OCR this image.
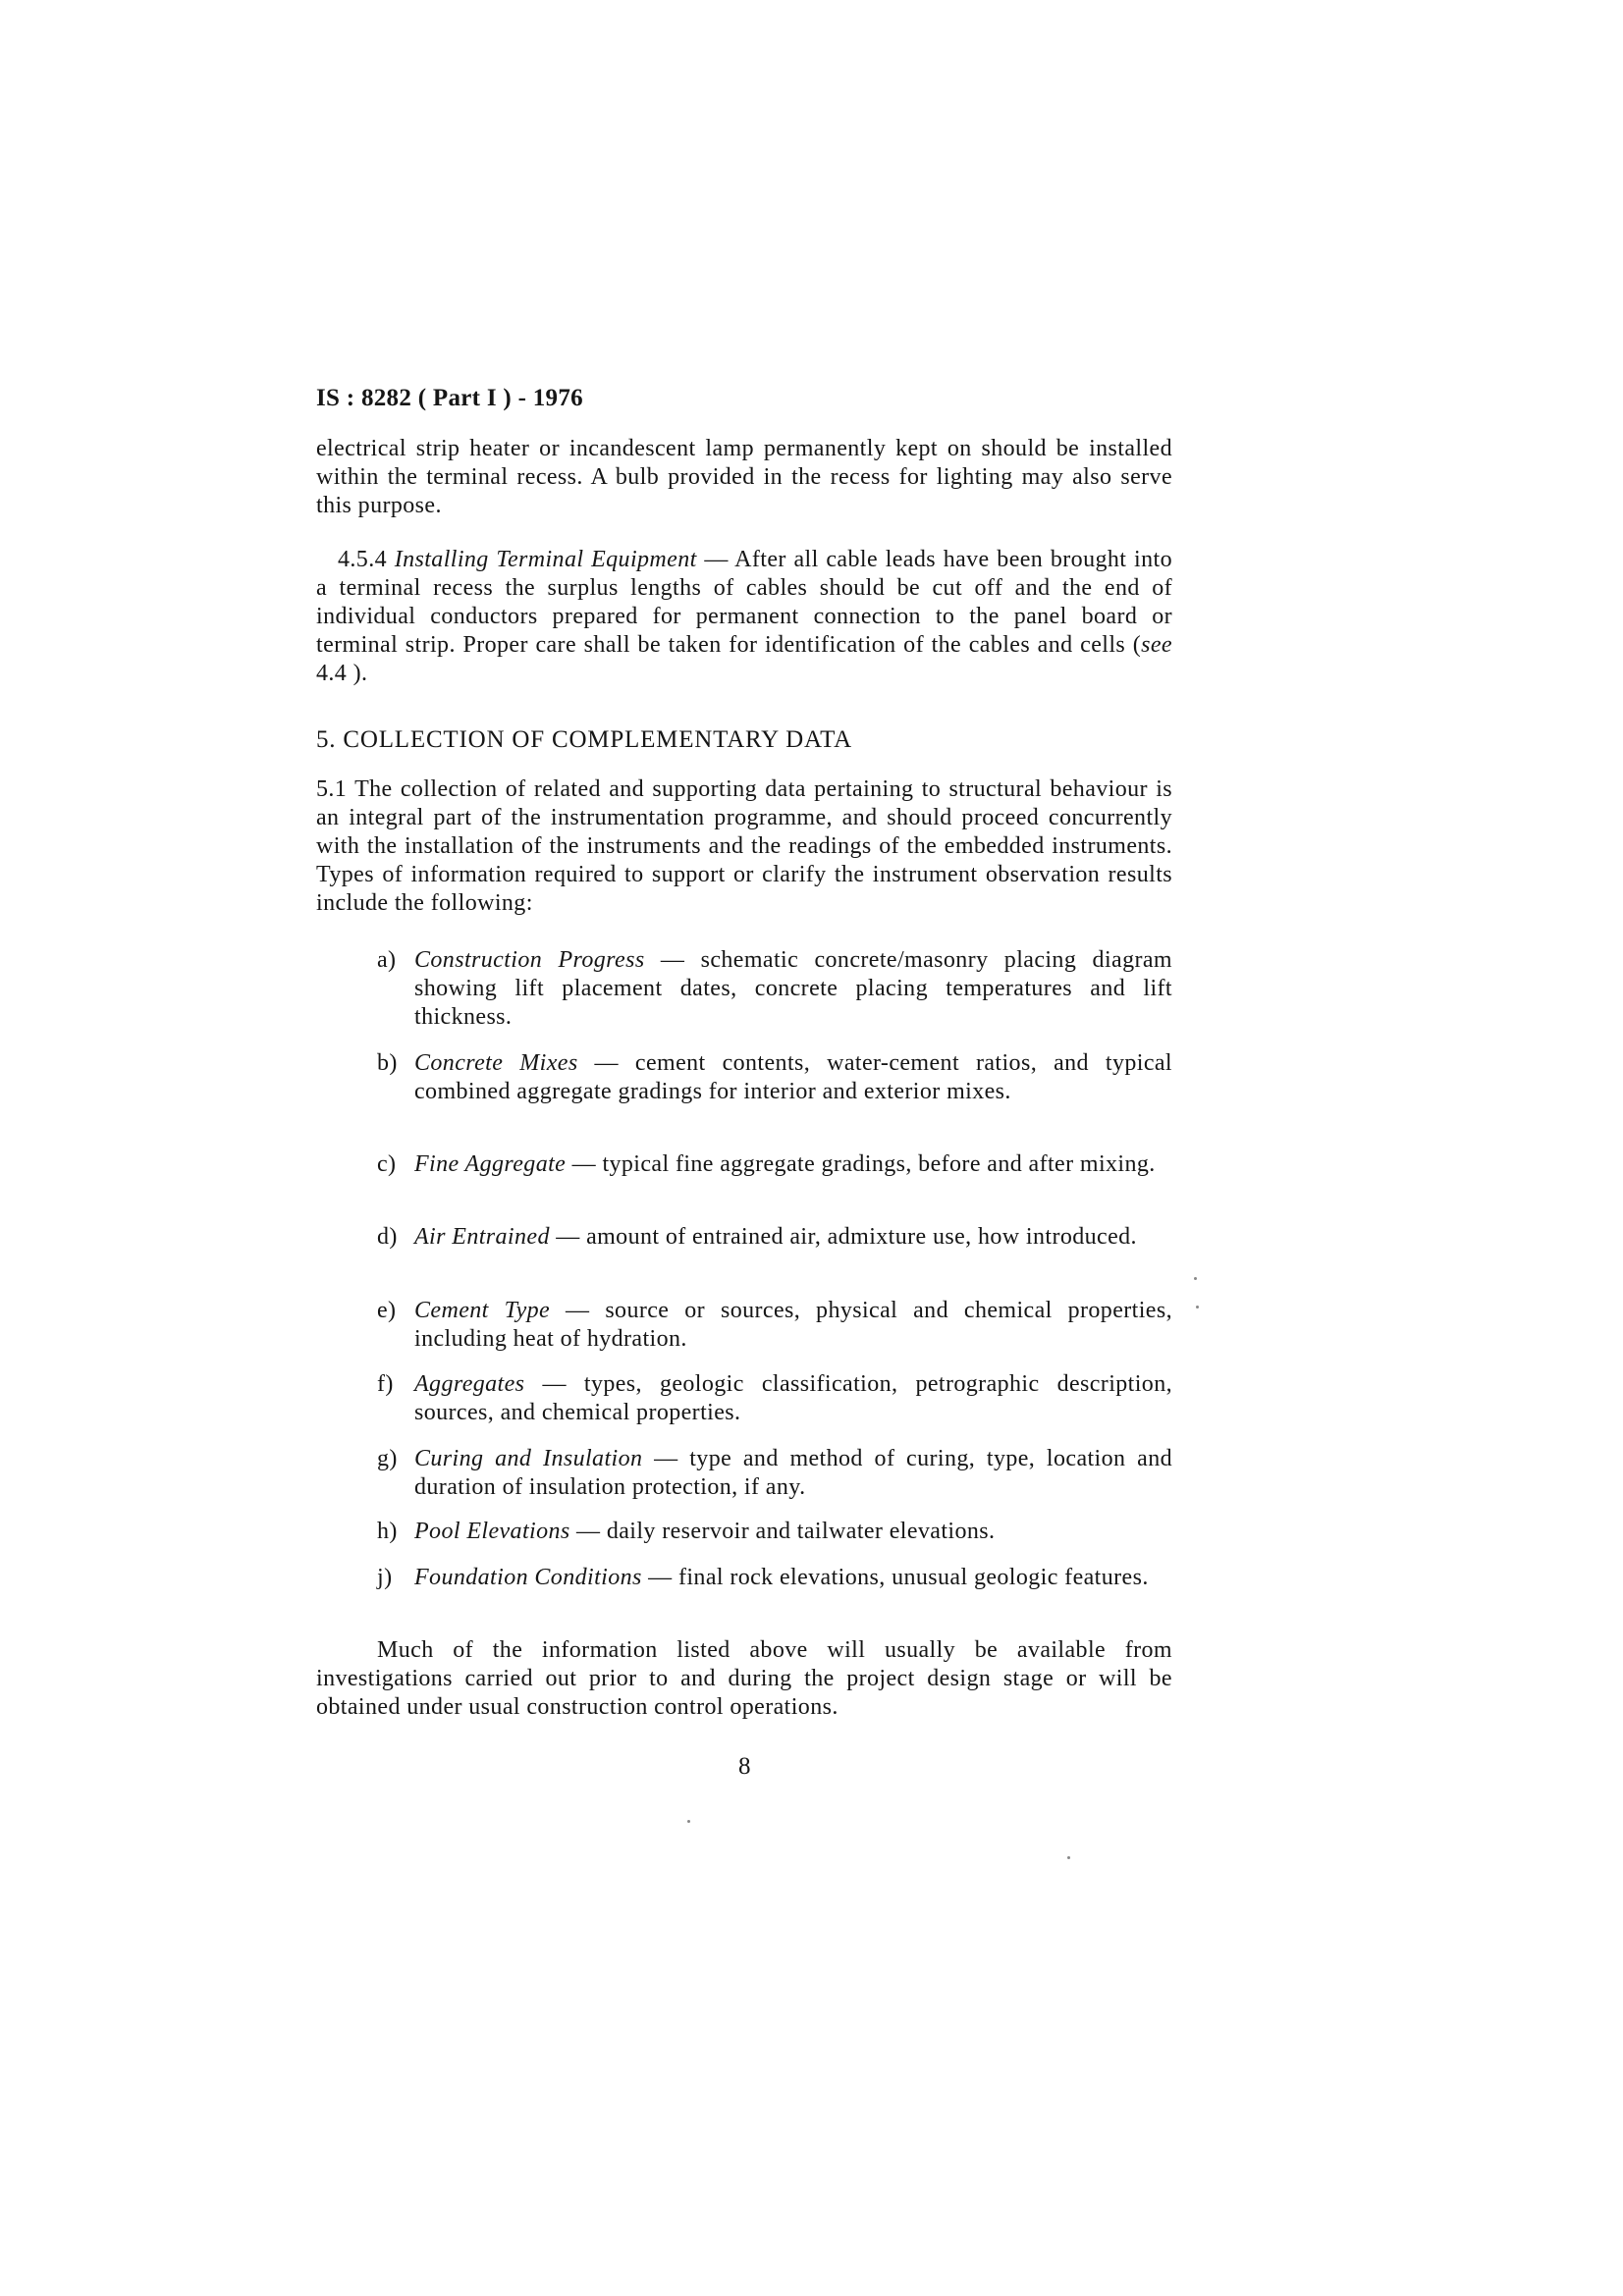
IS : 8282 ( Part I ) - 1976

electrical strip heater or incandescent lamp permanently kept on should be installed within the terminal recess. A bulb provided in the recess for lighting may also serve this purpose.

4.5.4 Installing Terminal Equipment — After all cable leads have been brought into a terminal recess the surplus lengths of cables should be cut off and the end of individual conductors prepared for permanent connection to the panel board or terminal strip. Proper care shall be taken for identification of the cables and cells (see 4.4 ).

5. COLLECTION OF COMPLEMENTARY DATA

5.1 The collection of related and supporting data pertaining to structural behaviour is an integral part of the instrumentation programme, and should proceed concurrently with the installation of the instruments and the readings of the embedded instruments. Types of information required to support or clarify the instrument observation results include the following:

a) Construction Progress — schematic concrete/masonry placing diagram showing lift placement dates, concrete placing temperatures and lift thickness.
b) Concrete Mixes — cement contents, water-cement ratios, and typical combined aggregate gradings for interior and exterior mixes.
c) Fine Aggregate — typical fine aggregate gradings, before and after mixing.
d) Air Entrained — amount of entrained air, admixture use, how introduced.
e) Cement Type — source or sources, physical and chemical properties, including heat of hydration.
f) Aggregates — types, geologic classification, petrographic description, sources, and chemical properties.
g) Curing and Insulation — type and method of curing, type, location and duration of insulation protection, if any.
h) Pool Elevations — daily reservoir and tailwater elevations.
j) Foundation Conditions — final rock elevations, unusual geologic features.

Much of the information listed above will usually be available from investigations carried out prior to and during the project design stage or will be obtained under usual construction control operations.

8
